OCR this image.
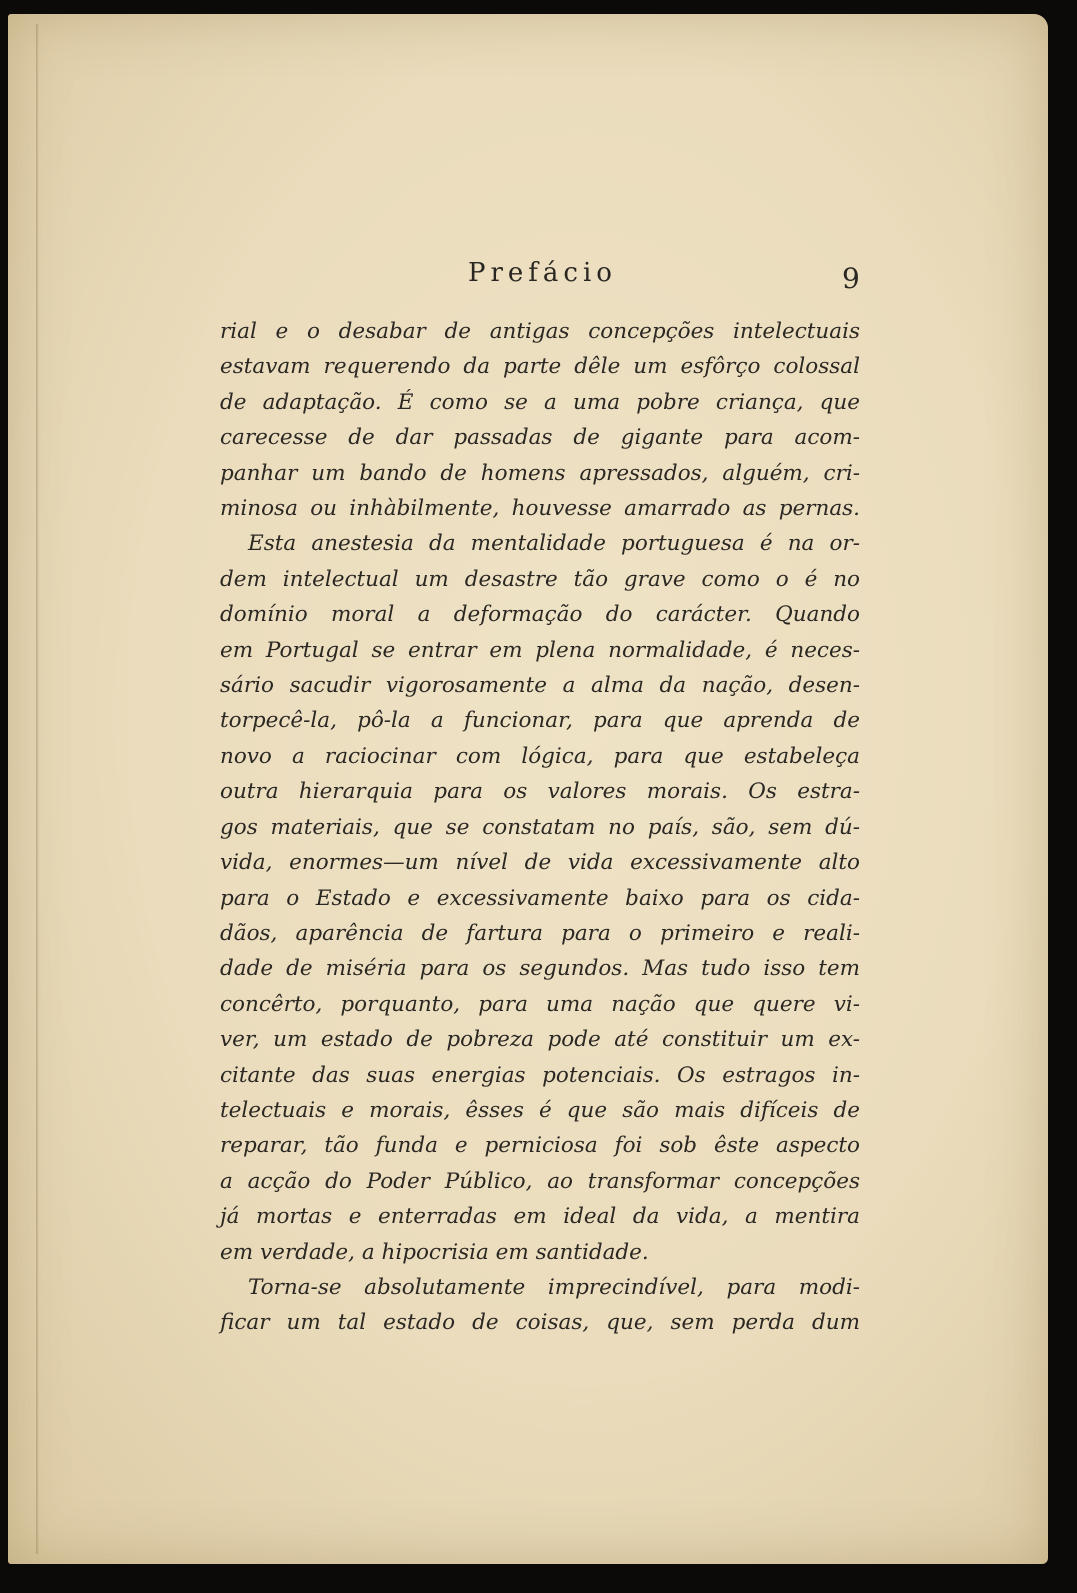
Prefácio	9
rial e o desabar de antigas concepções intelectuais
estavam requerendo da parte dêle um esfôrço colossal
de adaptação. É como se a uma pobre criança, que
carecesse de dar passadas de gigante para acom-
panhar um bando de homens apressados, alguém, cri-
minosa ou inhàbilmente, houvesse amarrado as pernas.
Esta anestesia da mentalidade portuguesa é na or-
dem intelectual um desastre tão grave como o é no
domínio moral a deformação do carácter. Quando
em Portugal se entrar em plena normalidade, é neces-
sário sacudir vigorosamente a alma da nação, desen-
torpecê-la, pô-la a funcionar, para que aprenda de
novo a raciocinar com lógica, para que estabeleça
outra hierarquia para os valores morais. Os estra-
gos materiais, que se constatam no país, são, sem dú-
vida, enormes—um nível de vida excessivamente alto
para o Estado e excessivamente baixo para os cida-
dãos, aparência de fartura para o primeiro e reali-
dade de miséria para os segundos. Mas tudo isso tem
concêrto, porquanto, para uma nação que quere vi-
ver, um estado de pobreza pode até constituir um ex-
citante das suas energias potenciais. Os estragos in-
telectuais e morais, êsses é que são mais difíceis de
reparar, tão funda e perniciosa foi sob êste aspecto
a acção do Poder Público, ao transformar concepções
já mortas e enterradas em ideal da vida, a mentira
em verdade, a hipocrisia em santidade.
Torna-se absolutamente imprecindível, para modi-
ficar um tal estado de coisas, que, sem perda dum
